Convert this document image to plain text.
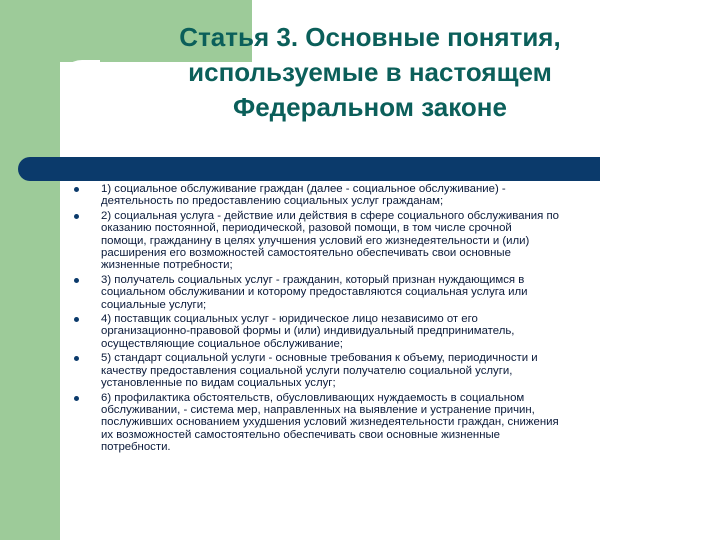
Статья 3. Основные понятия,
используемые в настоящем
Федеральном законе
1) социальное обслуживание граждан (далее - социальное обслуживание) -
деятельность по предоставлению социальных услуг гражданам;
2) социальная услуга - действие или действия в сфере социального обслуживания по
оказанию постоянной, периодической, разовой помощи, в том числе срочной
помощи, гражданину в целях улучшения условий его жизнедеятельности и (или)
расширения его возможностей самостоятельно обеспечивать свои основные
жизненные потребности;
3) получатель социальных услуг - гражданин, который признан нуждающимся в
социальном обслуживании и которому предоставляются социальная услуга или
социальные услуги;
4) поставщик социальных услуг - юридическое лицо независимо от его
организационно-правовой формы и (или) индивидуальный предприниматель,
осуществляющие социальное обслуживание;
5) стандарт социальной услуги - основные требования к объему, периодичности и
качеству предоставления социальной услуги получателю социальной услуги,
установленные по видам социальных услуг;
6) профилактика обстоятельств, обусловливающих нуждаемость в социальном
обслуживании, - система мер, направленных на выявление и устранение причин,
послуживших основанием ухудшения условий жизнедеятельности граждан, снижения
их возможностей самостоятельно обеспечивать свои основные жизненные
потребности.
